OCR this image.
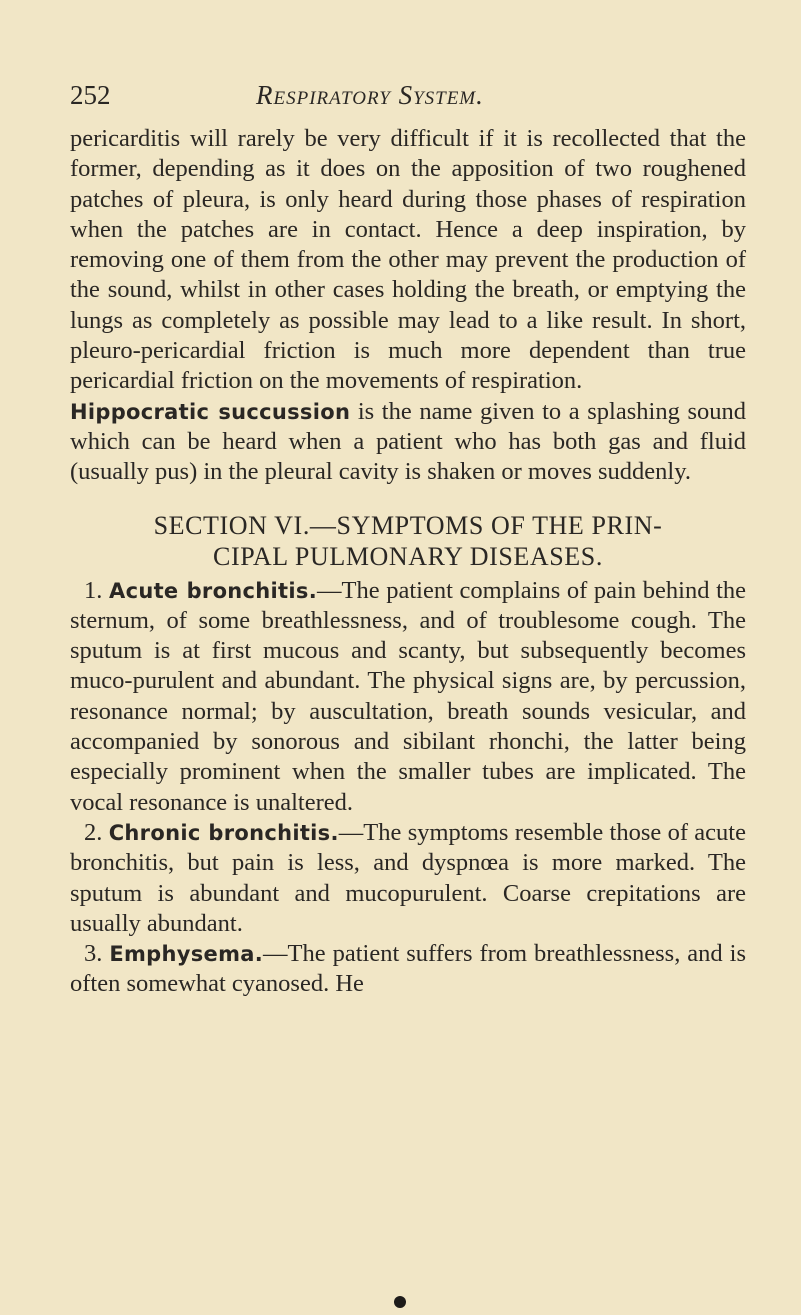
252	Respiratory System.

pericarditis will rarely be very difficult if it is recollected that the former, depending as it does on the apposition of two roughened patches of pleura, is only heard during those phases of respiration when the patches are in contact. Hence a deep inspiration, by removing one of them from the other may prevent the production of the sound, whilst in other cases holding the breath, or emptying the lungs as completely as possible may lead to a like result. In short, pleuro-pericardial friction is much more dependent than true pericardial friction on the movements of respiration.

Hippocratic succussion is the name given to a splashing sound which can be heard when a patient who has both gas and fluid (usually pus) in the pleural cavity is shaken or moves suddenly.

SECTION VI.—SYMPTOMS OF THE PRIN-
CIPAL PULMONARY DISEASES.

1. Acute bronchitis.—The patient complains of pain behind the sternum, of some breathlessness, and of troublesome cough. The sputum is at first mucous and scanty, but subsequently becomes muco-purulent and abundant. The physical signs are, by percussion, resonance normal; by auscultation, breath sounds vesicular, and accompanied by sonorous and sibilant rhonchi, the latter being especially prominent when the smaller tubes are implicated. The vocal resonance is unaltered.

2. Chronic bronchitis.—The symptoms resemble those of acute bronchitis, but pain is less, and dyspnœa is more marked. The sputum is abundant and mucopurulent. Coarse crepitations are usually abundant.

3. Emphysema.—The patient suffers from breathlessness, and is often somewhat cyanosed. He
